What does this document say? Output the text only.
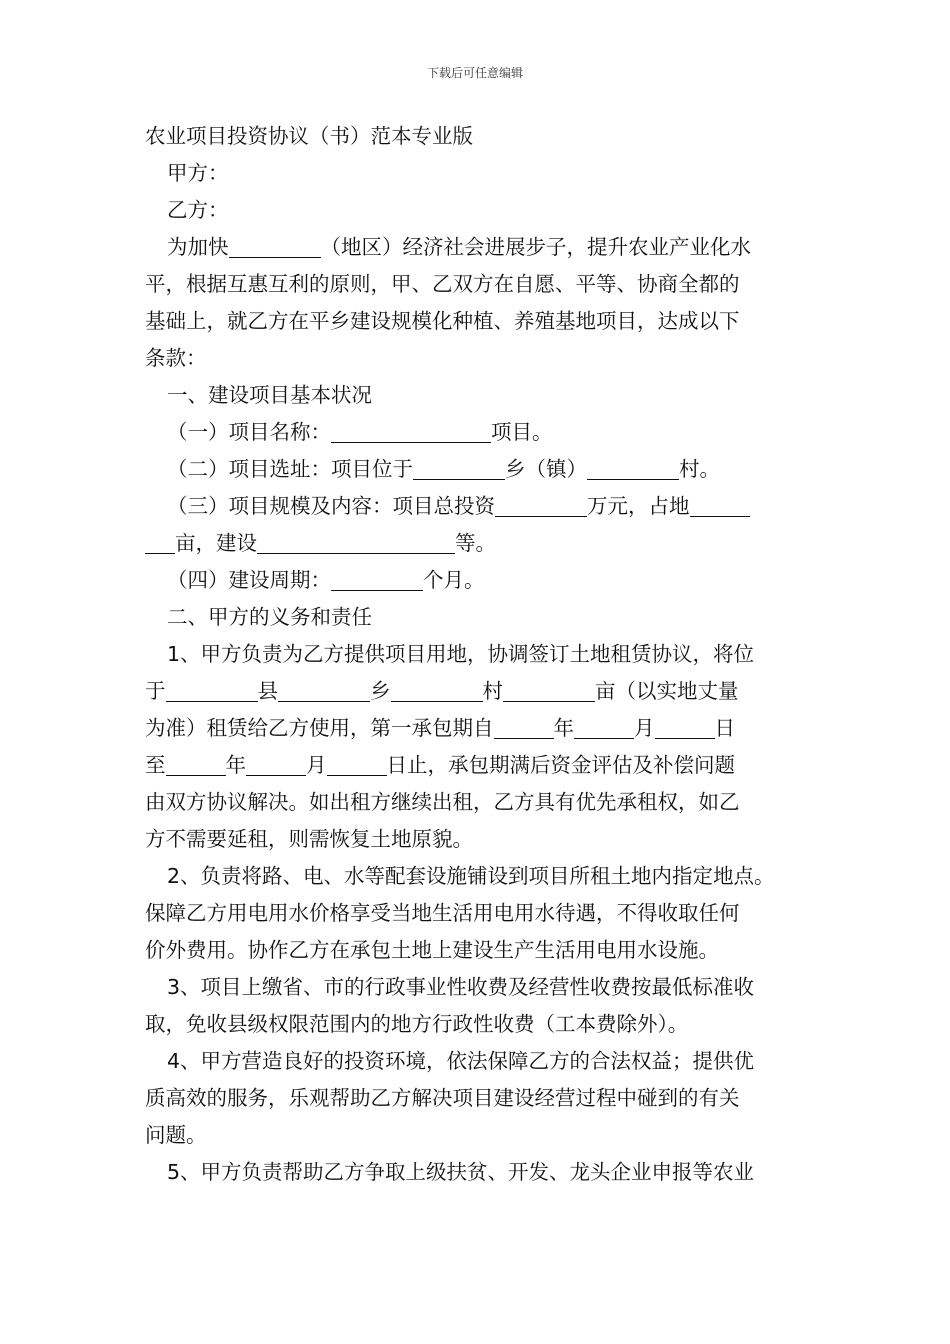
下载后可任意编辑
农业项目投资协议（书）范本专业版
甲方：
乙方：
为加快	（地区）经济社会进展步子，提升农业产业化水
平，根据互惠互利的原则，甲、乙双方在自愿、平等、协商全都的
基础上，就乙方在平乡建设规模化种植、养殖基地项目，达成以下
条款：
一、建设项目基本状况
（一）项目名称：	项目。
（二）项目选址：项目位于	乡（镇）	村。
（三）项目规模及内容：项目总投资	万元，占地
亩，建设	等。
（四）建设周期：	个月。
二、甲方的义务和责任
1、甲方负责为乙方提供项目用地，协调签订土地租赁协议，将位
于	县	乡	村	亩（以实地丈量
为准）租赁给乙方使用，第一承包期自	年	月	日
至	年	月	日止，承包期满后资金评估及补偿问题
由双方协议解决。如出租方继续出租，乙方具有优先承租权，如乙
方不需要延租，则需恢复土地原貌。
2、负责将路、电、水等配套设施铺设到项目所租土地内指定地点。
保障乙方用电用水价格享受当地生活用电用水待遇，不得收取任何
价外费用。协作乙方在承包土地上建设生产生活用电用水设施。
3、项目上缴省、市的行政事业性收费及经营性收费按最低标准收
取，免收县级权限范围内的地方行政性收费（工本费除外）。
4、甲方营造良好的投资环境，依法保障乙方的合法权益；提供优
质高效的服务，乐观帮助乙方解决项目建设经营过程中碰到的有关
问题。
5、甲方负责帮助乙方争取上级扶贫、开发、龙头企业申报等农业
